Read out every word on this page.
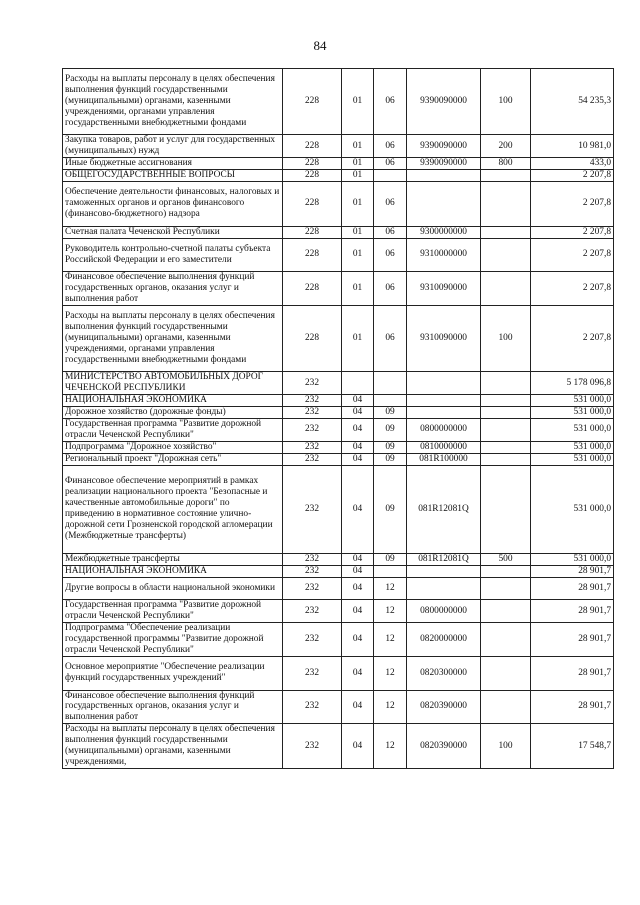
84
Расходы на выплаты персоналу в целях обеспечения выполнения функций государственными (муниципальными) органами, казенными учреждениями, органами управления государственными внебюджетными фондами	228	01	06	9390090000	100	54 235,3
Закупка товаров, работ и услуг для государственных (муниципальных) нужд	228	01	06	9390090000	200	10 981,0
Иные бюджетные ассигнования	228	01	06	9390090000	800	433,0
ОБЩЕГОСУДАРСТВЕННЫЕ ВОПРОСЫ	228	01				2 207,8
Обеспечение деятельности финансовых, налоговых и таможенных органов и органов финансового (финансово-бюджетного) надзора	228	01	06			2 207,8
Счетная палата Чеченской Республики	228	01	06	9300000000		2 207,8
Руководитель контрольно-счетной палаты субъекта Российской Федерации и его заместители	228	01	06	9310000000		2 207,8
Финансовое обеспечение выполнения функций государственных органов, оказания услуг и выполнения работ	228	01	06	9310090000		2 207,8
Расходы на выплаты персоналу в целях обеспечения выполнения функций государственными (муниципальными) органами, казенными учреждениями, органами управления государственными внебюджетными фондами	228	01	06	9310090000	100	2 207,8
МИНИСТЕРСТВО АВТОМОБИЛЬНЫХ ДОРОГ ЧЕЧЕНСКОЙ РЕСПУБЛИКИ	232					5 178 096,8
НАЦИОНАЛЬНАЯ ЭКОНОМИКА	232	04				531 000,0
Дорожное хозяйство (дорожные фонды)	232	04	09			531 000,0
Государственная программа "Развитие дорожной отрасли Чеченской Республики"	232	04	09	0800000000		531 000,0
Подпрограмма "Дорожное хозяйство"	232	04	09	0810000000		531 000,0
Региональный проект "Дорожная сеть"	232	04	09	081R100000		531 000,0
Финансовое обеспечение мероприятий в рамках реализации национального проекта "Безопасные и качественные автомобильные дороги" по приведению в нормативное состояние улично-дорожной сети Грозненской городской агломерации (Межбюджетные трансферты)	232	04	09	081R12081Q		531 000,0
Межбюджетные трансферты	232	04	09	081R12081Q	500	531 000,0
НАЦИОНАЛЬНАЯ ЭКОНОМИКА	232	04				28 901,7
Другие вопросы в области национальной экономики	232	04	12			28 901,7
Государственная программа "Развитие дорожной отрасли Чеченской Республики"	232	04	12	0800000000		28 901,7
Подпрограмма "Обеспечение реализации государственной программы "Развитие дорожной отрасли Чеченской Республики"	232	04	12	0820000000		28 901,7
Основное мероприятие "Обеспечение реализации функций государственных учреждений"	232	04	12	0820300000		28 901,7
Финансовое обеспечение выполнения функций государственных органов, оказания услуг и выполнения работ	232	04	12	0820390000		28 901,7
Расходы на выплаты персоналу в целях обеспечения выполнения функций государственными (муниципальными) органами, казенными учреждениями,	232	04	12	0820390000	100	17 548,7
